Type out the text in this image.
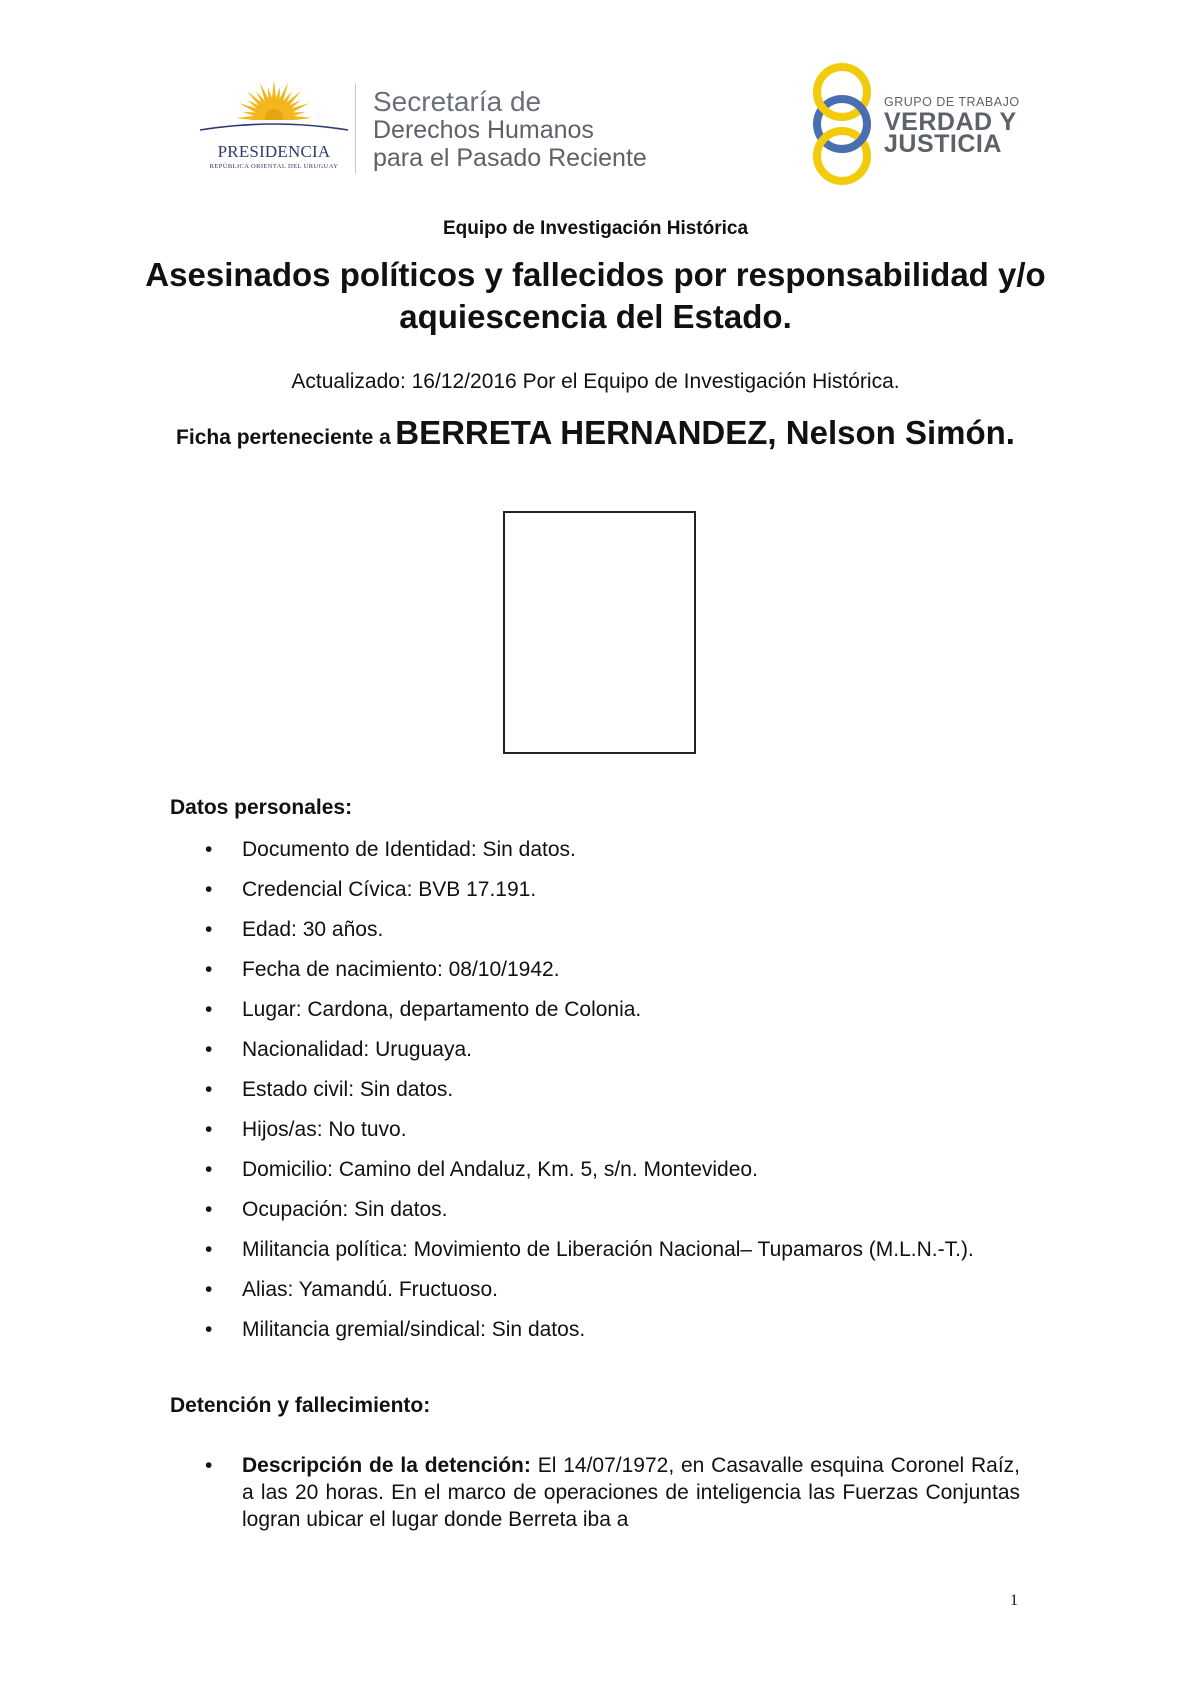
PRESIDENCIA
REPÚBLICA ORIENTAL DEL URUGUAY
Secretaría de
Derechos Humanos
para el Pasado Reciente
GRUPO DE TRABAJO
VERDAD Y
JUSTICIA
Equipo de Investigación Histórica
Asesinados políticos y fallecidos por responsabilidad y/o aquiescencia del Estado.
Actualizado: 16/12/2016 Por el Equipo de Investigación Histórica.
Ficha perteneciente a BERRETA HERNANDEZ, Nelson Simón.
Datos personales:
• Documento de Identidad: Sin datos.
• Credencial Cívica: BVB 17.191.
• Edad: 30 años.
• Fecha de nacimiento: 08/10/1942.
• Lugar: Cardona, departamento de Colonia.
• Nacionalidad: Uruguaya.
• Estado civil: Sin datos.
• Hijos/as: No tuvo.
• Domicilio: Camino del Andaluz, Km. 5, s/n. Montevideo.
• Ocupación: Sin datos.
• Militancia política: Movimiento de Liberación Nacional– Tupamaros (M.L.N.-T.).
• Alias: Yamandú. Fructuoso.
• Militancia gremial/sindical: Sin datos.
Detención y fallecimiento:
• Descripción de la detención: El 14/07/1972, en Casavalle esquina Coronel Raíz, a las 20 horas. En el marco de operaciones de inteligencia las Fuerzas Conjuntas logran ubicar el lugar donde Berreta iba a
1
